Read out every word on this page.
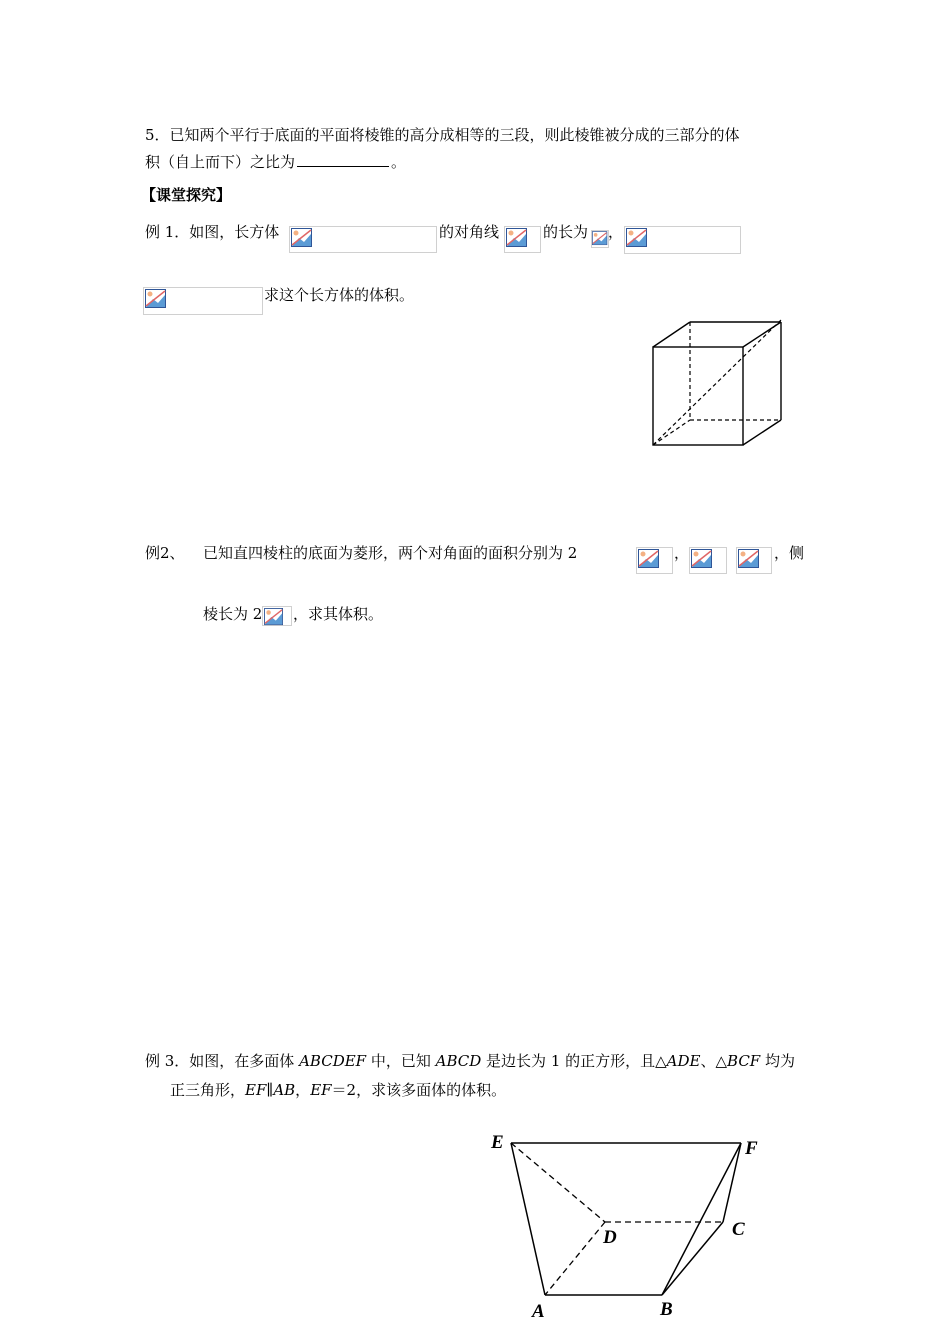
5．已知两个平行于底面的平面将棱锥的高分成相等的三段，则此棱锥被分成的三部分的体
积（自上而下）之比为	。
【课堂探究】
例 1．如图，长方体	的对角线	的长为 ，
求这个长方体的体积。
例2、 已知直四棱柱的底面为菱形，两个对角面的面积分别为 2	，	，侧
棱长为 2 ，求其体积。
例 3．如图，在多面体 ABCDEF 中，已知 ABCD 是边长为 1 的正方形，且△ADE、△BCF 均为
正三角形，EF∥AB，EF＝2，求该多面体的体积。
E	F
D	C
A	B
